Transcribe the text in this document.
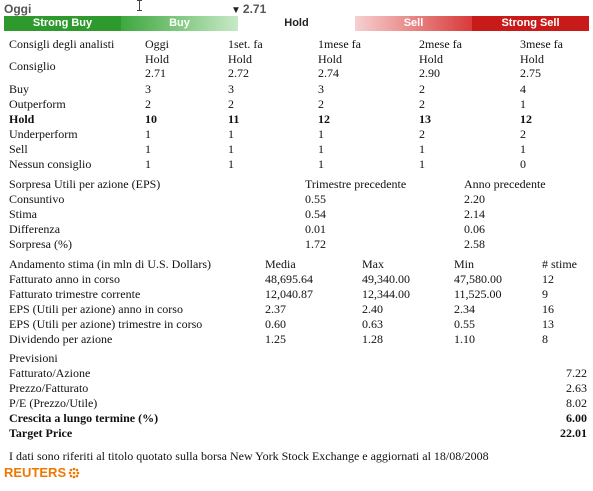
Oggi	▼ 2.71
Strong Buy	Buy	Hold	Sell	Strong Sell
Consigli degli analisti	Oggi	1set. fa	1mese fa	2mese fa	3mese fa
Consiglio	Hold	Hold	Hold	Hold	Hold
2.71	2.72	2.74	2.90	2.75
Buy	3	3	3	2	4
Outperform	2	2	2	2	1
Hold	10	11	12	13	12
Underperform	1	1	1	2	2
Sell	1	1	1	1	1
Nessun consiglio	1	1	1	1	0
Sorpresa Utili per azione (EPS)	Trimestre precedente	Anno precedente
Consuntivo	0.55	2.20
Stima	0.54	2.14
Differenza	0.01	0.06
Sorpresa (%)	1.72	2.58
Andamento stima (in mln di U.S. Dollars)	Media	Max	Min	# stime
Fatturato anno in corso	48,695.64	49,340.00	47,580.00	12
Fatturato trimestre corrente	12,040.87	12,344.00	11,525.00	9
EPS (Utili per azione) anno in corso	2.37	2.40	2.34	16
EPS (Utili per azione) trimestre in corso	0.60	0.63	0.55	13
Dividendo per azione	1.25	1.28	1.10	8
Previsioni
Fatturato/Azione	7.22
Prezzo/Fatturato	2.63
P/E (Prezzo/Utile)	8.02
Crescita a lungo termine (%)	6.00
Target Price	22.01
I dati sono riferiti al titolo quotato sulla borsa New York Stock Exchange e aggiornati al 18/08/2008
REUTERS
